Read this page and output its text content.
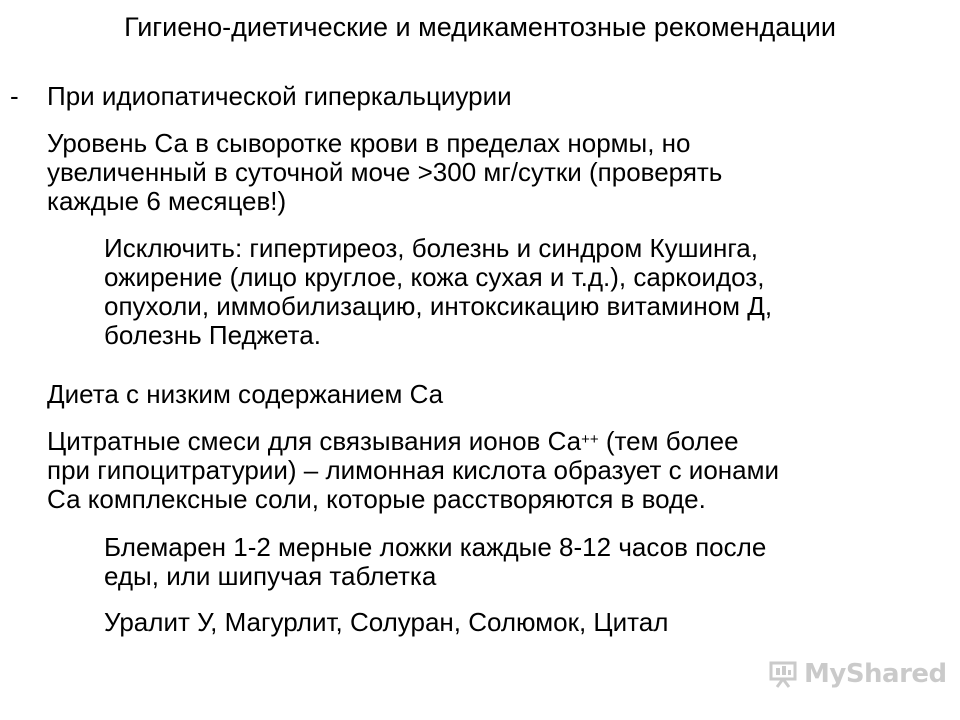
Гигиено-диетические и медикаментозные рекомендации
- При идиопатической гиперкальциурии
Уровень Са в сыворотке крови в пределах нормы, но
увеличенный в суточной моче >300 мг/сутки (проверять
каждые 6 месяцев!)
Исключить: гипертиреоз, болезнь и синдром Кушинга,
ожирение (лицо круглое, кожа сухая и т.д.), саркоидоз,
опухоли, иммобилизацию, интоксикацию витамином Д,
болезнь Педжета.
Диета с низким содержанием Са
Цитратные смеси для связывания ионов Са++ (тем более
при гипоцитратурии) – лимонная кислота образует с ионами
Са комплексные соли, которые расстворяются в воде.
Блемарен 1-2 мерные ложки каждые 8-12 часов после
еды, или шипучая таблетка
Уралит У, Магурлит, Солуран, Солюмок, Цитал
MyShared
